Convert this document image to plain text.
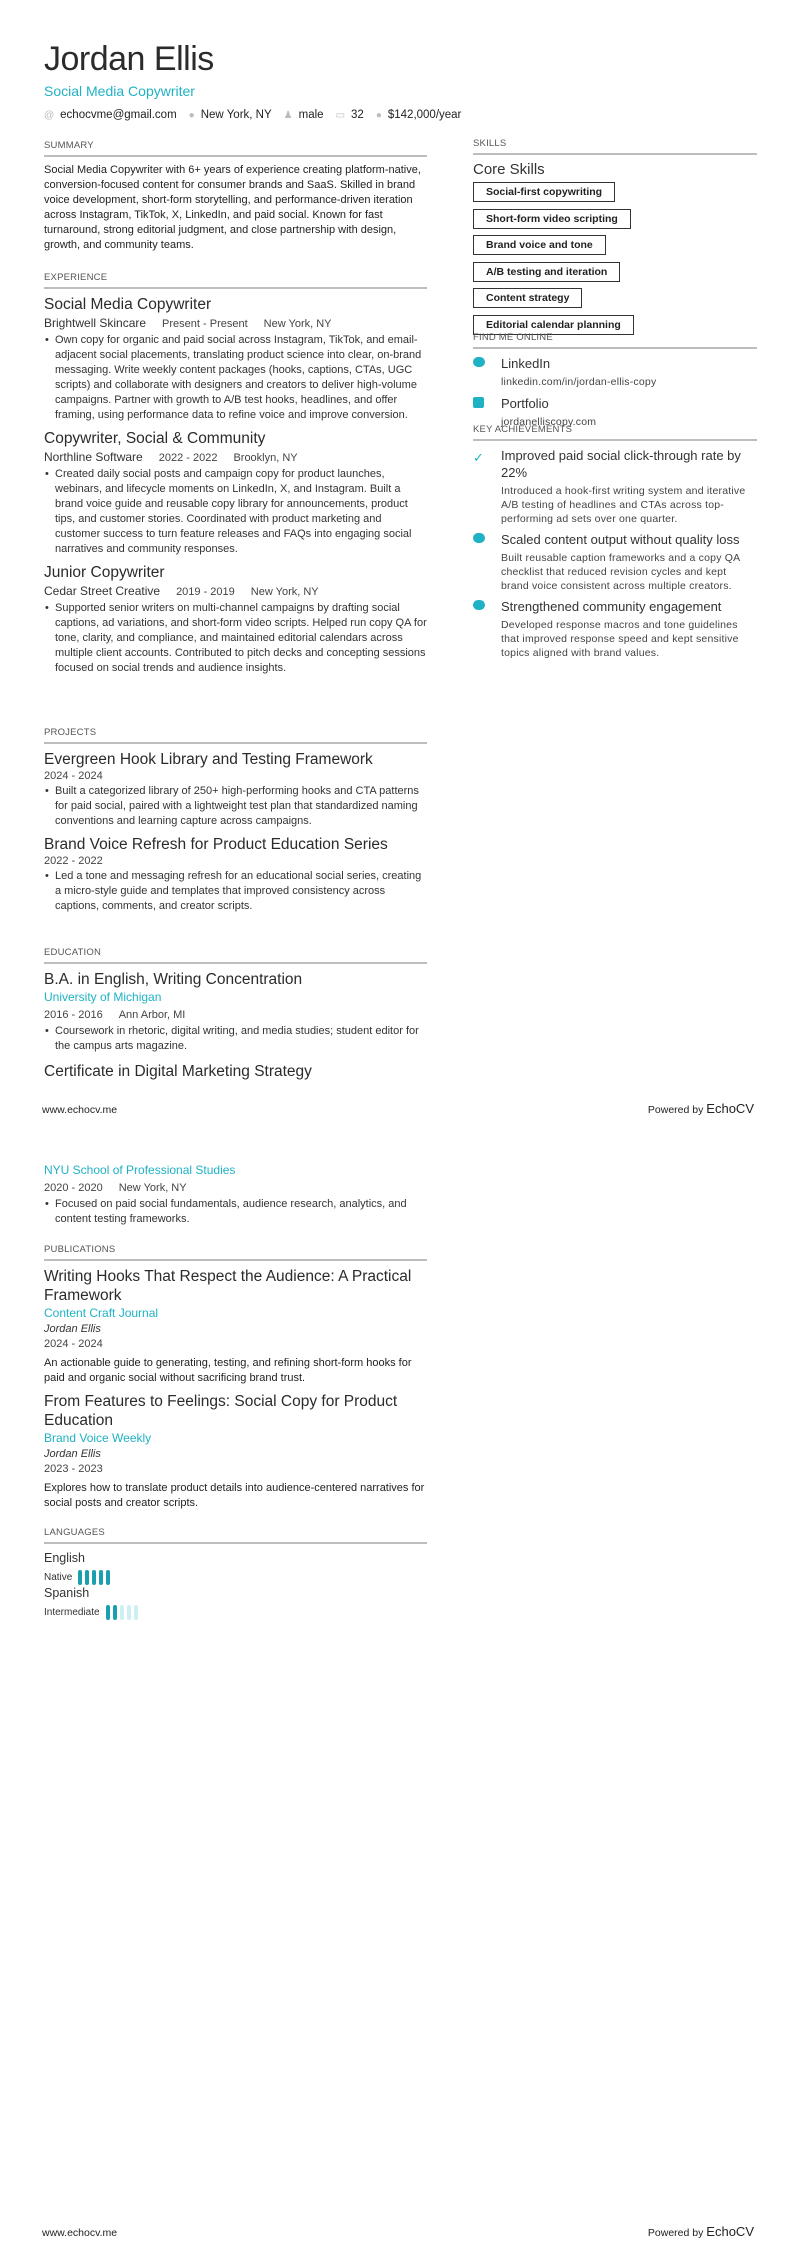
Jordan Ellis
Social Media Copywriter
@ echocvme@gmail.com ● New York, NY ♟ male ▭ 32 ● $142,000/year
SUMMARY
Social Media Copywriter with 6+ years of experience creating platform-native, conversion-focused content for consumer brands and SaaS. Skilled in brand voice development, short-form storytelling, and performance-driven iteration across Instagram, TikTok, X, LinkedIn, and paid social. Known for fast turnaround, strong editorial judgment, and close partnership with design, growth, and community teams.
EXPERIENCE
Social Media Copywriter
Brightwell Skincare Present - Present New York, NY
• Own copy for organic and paid social across Instagram, TikTok, and email-adjacent social placements, translating product science into clear, on-brand messaging. Write weekly content packages (hooks, captions, CTAs, UGC scripts) and collaborate with designers and creators to deliver high-volume campaigns. Partner with growth to A/B test hooks, headlines, and offer framing, using performance data to refine voice and improve conversion.
Copywriter, Social & Community
Northline Software 2022 - 2022 Brooklyn, NY
• Created daily social posts and campaign copy for product launches, webinars, and lifecycle moments on LinkedIn, X, and Instagram. Built a brand voice guide and reusable copy library for announcements, product tips, and customer stories. Coordinated with product marketing and customer success to turn feature releases and FAQs into engaging social narratives and community responses.
Junior Copywriter
Cedar Street Creative 2019 - 2019 New York, NY
• Supported senior writers on multi-channel campaigns by drafting social captions, ad variations, and short-form video scripts. Helped run copy QA for tone, clarity, and compliance, and maintained editorial calendars across multiple client accounts. Contributed to pitch decks and concepting sessions focused on social trends and audience insights.
PROJECTS
Evergreen Hook Library and Testing Framework
2024 - 2024
• Built a categorized library of 250+ high-performing hooks and CTA patterns for paid social, paired with a lightweight test plan that standardized naming conventions and learning capture across campaigns.
Brand Voice Refresh for Product Education Series
2022 - 2022
• Led a tone and messaging refresh for an educational social series, creating a micro-style guide and templates that improved consistency across captions, comments, and creator scripts.
EDUCATION
B.A. in English, Writing Concentration
University of Michigan
2016 - 2016 Ann Arbor, MI
• Coursework in rhetoric, digital writing, and media studies; student editor for the campus arts magazine.
Certificate in Digital Marketing Strategy
SKILLS
Core Skills
Social-first copywriting
Short-form video scripting
Brand voice and tone
A/B testing and iteration
Content strategy
Editorial calendar planning
FIND ME ONLINE
LinkedIn
linkedin.com/in/jordan-ellis-copy
Portfolio
jordanelliscopy.com
KEY ACHIEVEMENTS
✓ Improved paid social click-through rate by 22%
Introduced a hook-first writing system and iterative A/B testing of headlines and CTAs across top-performing ad sets over one quarter.
Scaled content output without quality loss
Built reusable caption frameworks and a copy QA checklist that reduced revision cycles and kept brand voice consistent across multiple creators.
Strengthened community engagement
Developed response macros and tone guidelines that improved response speed and kept sensitive topics aligned with brand values.
www.echocv.me	Powered by EchoCV
NYU School of Professional Studies
2020 - 2020 New York, NY
• Focused on paid social fundamentals, audience research, analytics, and content testing frameworks.
PUBLICATIONS
Writing Hooks That Respect the Audience: A Practical Framework
Content Craft Journal
Jordan Ellis
2024 - 2024
An actionable guide to generating, testing, and refining short-form hooks for paid and organic social without sacrificing brand trust.
From Features to Feelings: Social Copy for Product Education
Brand Voice Weekly
Jordan Ellis
2023 - 2023
Explores how to translate product details into audience-centered narratives for social posts and creator scripts.
LANGUAGES
English
Native
Spanish
Intermediate
www.echocv.me	Powered by EchoCV
